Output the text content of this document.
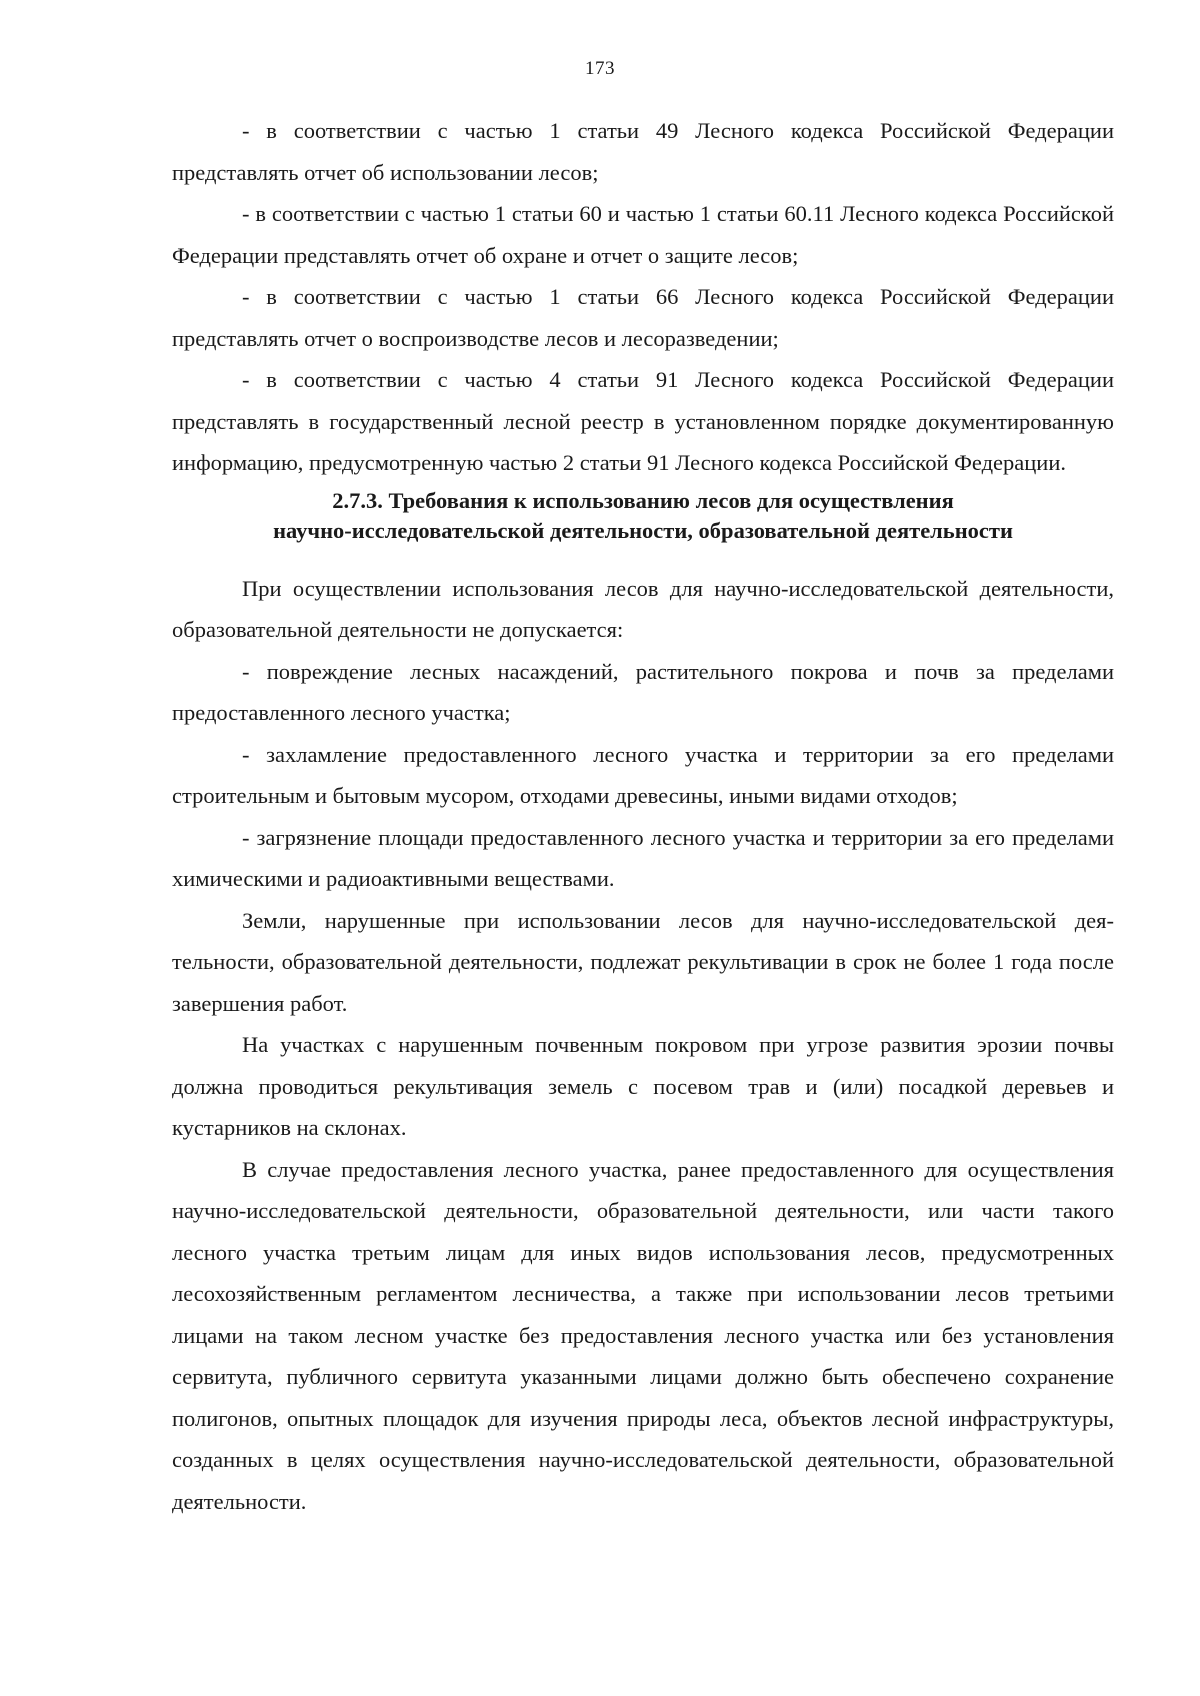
173

- в соответствии с частью 1 статьи 49 Лесного кодекса Российской Федерации представлять отчет об использовании лесов;

- в соответствии с частью 1 статьи 60 и частью 1 статьи 60.11 Лесного кодекса Российской Федерации представлять отчет об охране и отчет о защите лесов;

- в соответствии с частью 1 статьи 66 Лесного кодекса Российской Федерации представлять отчет о воспроизводстве лесов и лесоразведении;

- в соответствии с частью 4 статьи 91 Лесного кодекса Российской Федерации представлять в государственный лесной реестр в установленном порядке документированную информацию, предусмотренную частью 2 статьи 91 Лесного кодекса Российской Федерации.

2.7.3. Требования к использованию лесов для осуществления
научно-исследовательской деятельности, образовательной деятельности

При осуществлении использования лесов для научно-исследовательской деятельности, образовательной деятельности не допускается:

- повреждение лесных насаждений, растительного покрова и почв за пределами предоставленного лесного участка;

- захламление предоставленного лесного участка и территории за его пределами строительным и бытовым мусором, отходами древесины, иными видами отходов;

- загрязнение площади предоставленного лесного участка и территории за его пределами химическими и радиоактивными веществами.

Земли, нарушенные при использовании лесов для научно-исследовательской деятельности, образовательной деятельности, подлежат рекультивации в срок не более 1 года после завершения работ.

На участках с нарушенным почвенным покровом при угрозе развития эрозии почвы должна проводиться рекультивация земель с посевом трав и (или) посадкой деревьев и кустарников на склонах.

В случае предоставления лесного участка, ранее предоставленного для осуществления научно-исследовательской деятельности, образовательной деятельности, или части такого лесного участка третьим лицам для иных видов использования лесов, предусмотренных лесохозяйственным регламентом лесничества, а также при использовании лесов третьими лицами на таком лесном участке без предоставления лесного участка или без установления сервитута, публичного сервитута указанными лицами должно быть обеспечено сохранение полигонов, опытных площадок для изучения природы леса, объектов лесной инфраструктуры, созданных в целях осуществления научно-исследовательской деятельности, образовательной деятельности.
